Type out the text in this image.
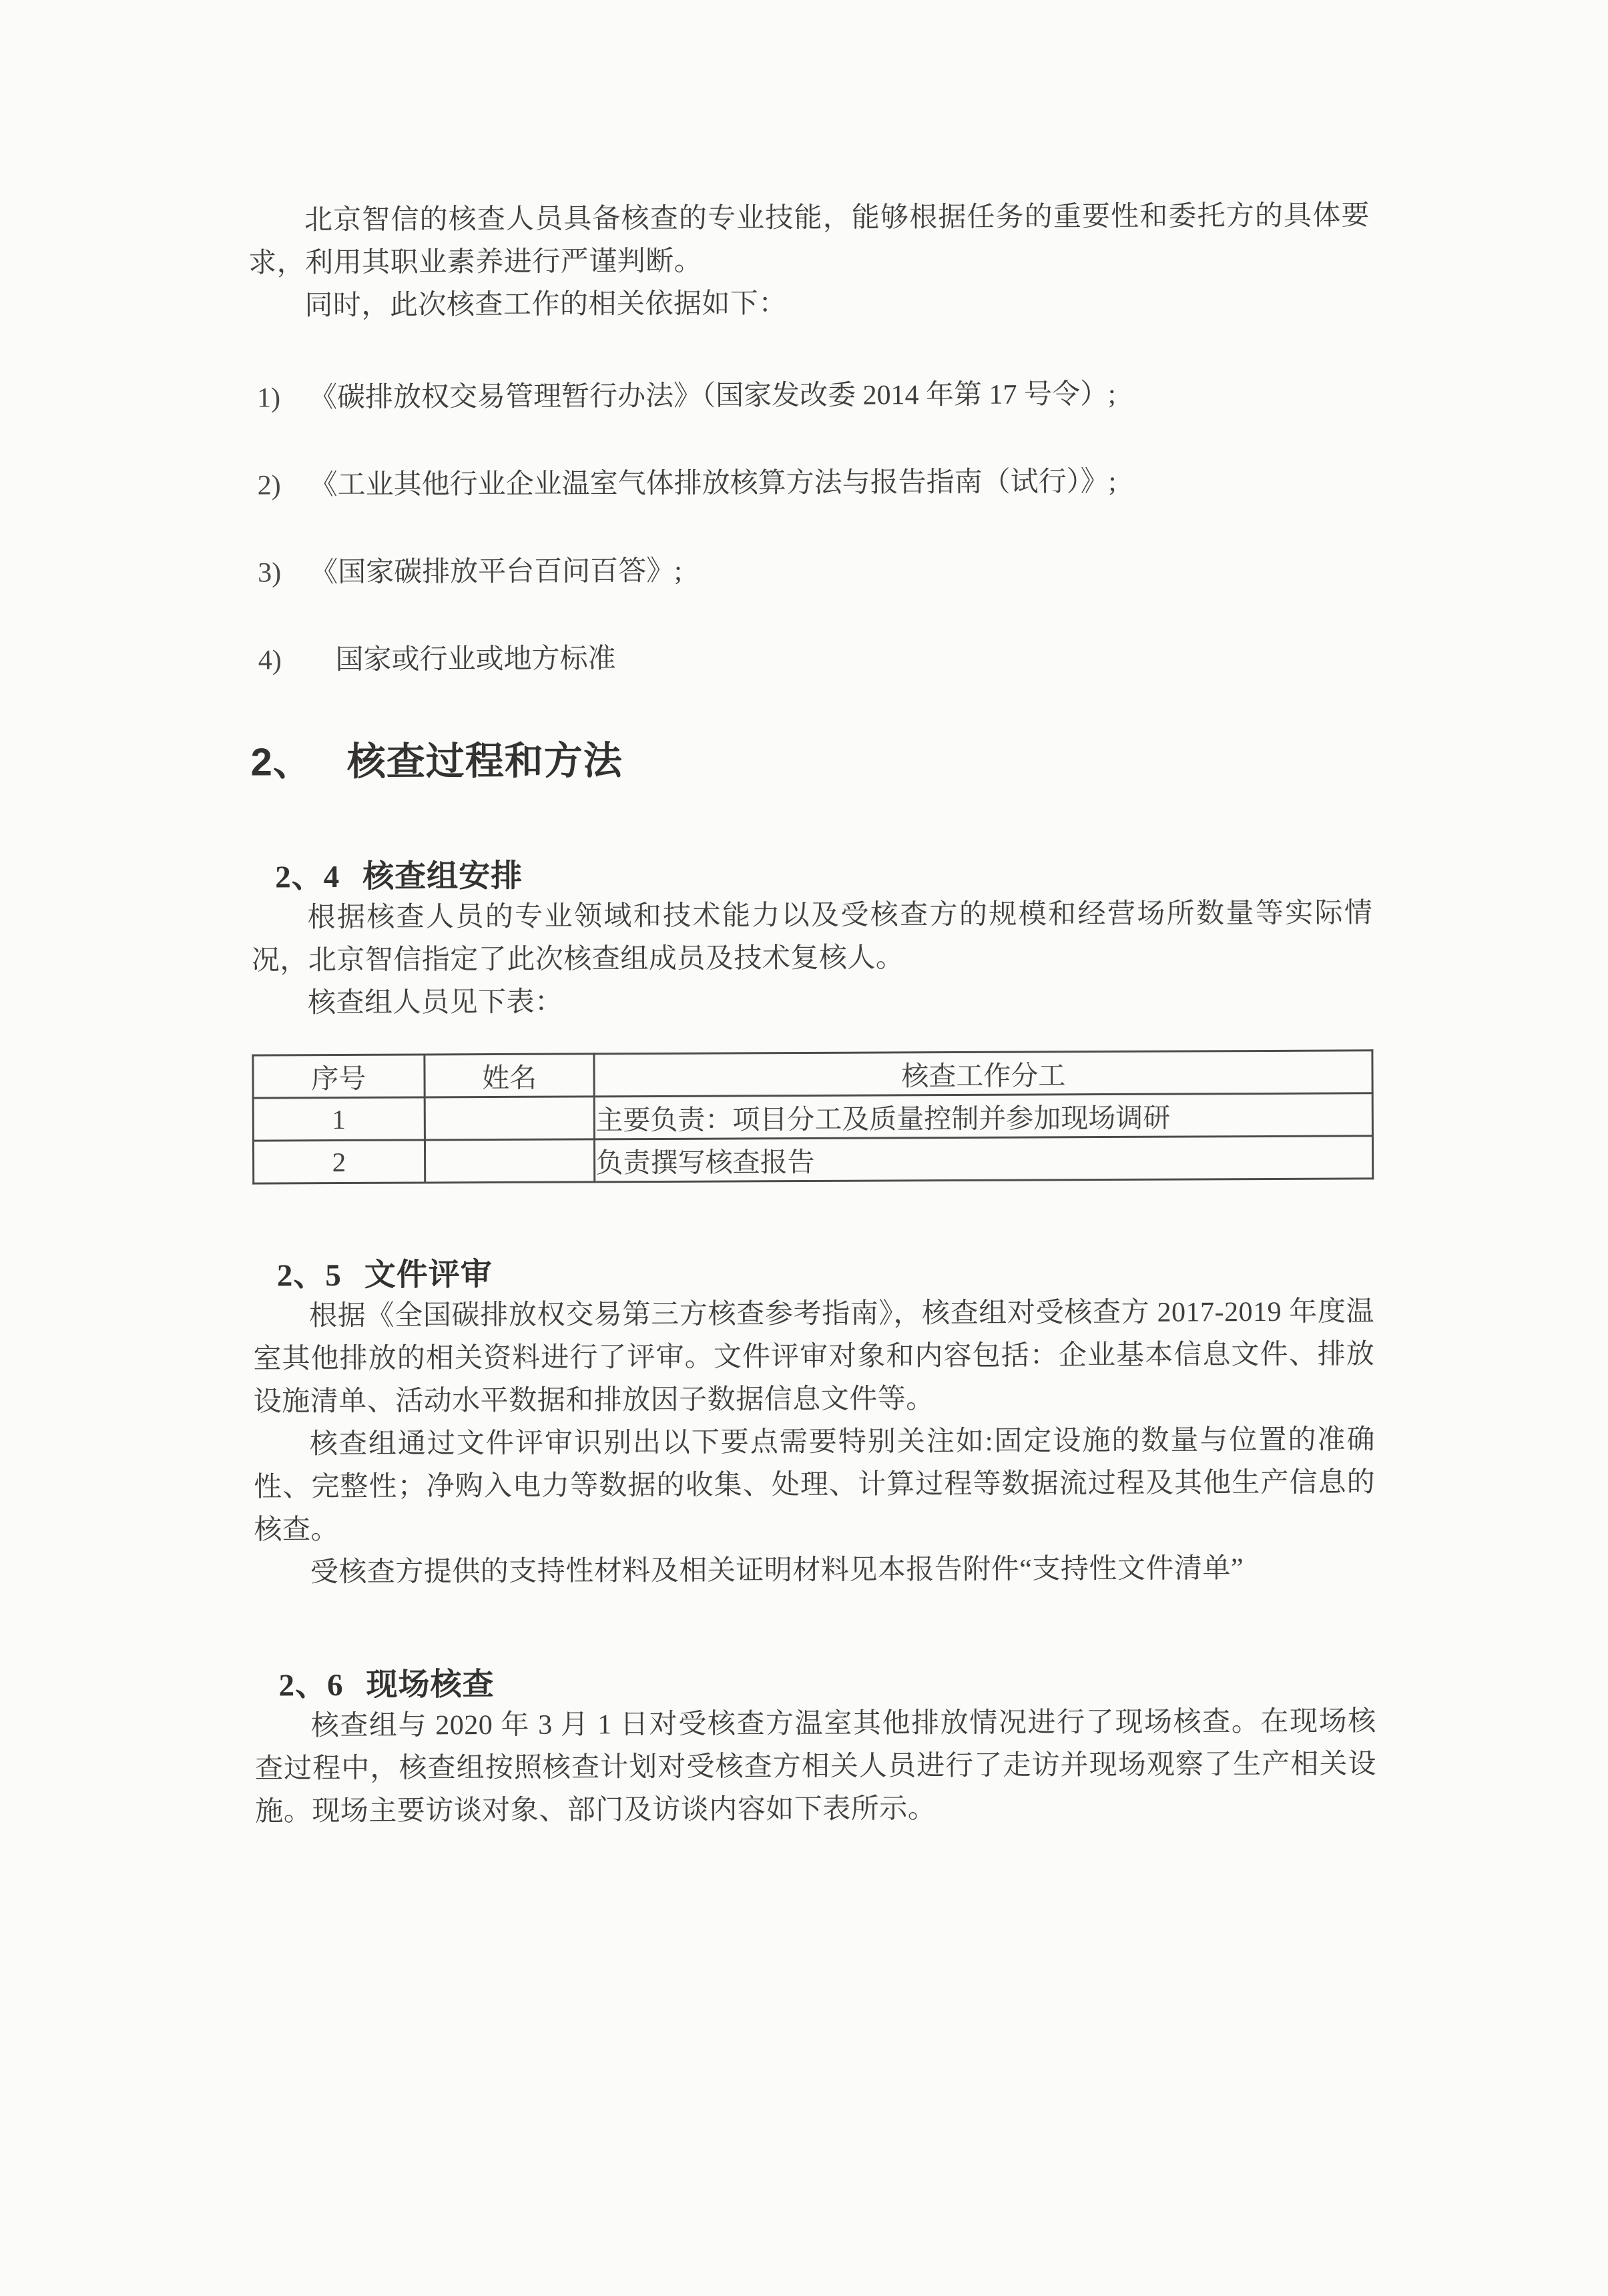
北京智信的核查人员具备核查的专业技能，能够根据任务的重要性和委托方的具体要求，利用其职业素养进行严谨判断。

同时，此次核查工作的相关依据如下：

1)	《碳排放权交易管理暂行办法》（国家发改委 2014 年第 17 号令）;
2)	《工业其他行业企业温室气体排放核算方法与报告指南（试行）》;
3)	《国家碳排放平台百问百答》;
4)	国家或行业或地方标准
2、 核查过程和方法
2、4 核查组安排

根据核查人员的专业领域和技术能力以及受核查方的规模和经营场所数量等实际情况，北京智信指定了此次核查组成员及技术复核人。

核查组人员见下表：

序号	姓名	核查工作分工
1		主要负责：项目分工及质量控制并参加现场调研
2		负责撰写核查报告
2、5 文件评审

根据《全国碳排放权交易第三方核查参考指南》，核查组对受核查方 2017-2019 年度温室其他排放的相关资料进行了评审。文件评审对象和内容包括：企业基本信息文件、排放设施清单、活动水平数据和排放因子数据信息文件等。

核查组通过文件评审识别出以下要点需要特别关注如:固定设施的数量与位置的准确性、完整性；净购入电力等数据的收集、处理、计算过程等数据流过程及其他生产信息的核查。

受核查方提供的支持性材料及相关证明材料见本报告附件“支持性文件清单”

2、6 现场核查

核查组与 2020 年 3 月 1 日对受核查方温室其他排放情况进行了现场核查。在现场核查过程中，核查组按照核查计划对受核查方相关人员进行了走访并现场观察了生产相关设施。现场主要访谈对象、部门及访谈内容如下表所示。
